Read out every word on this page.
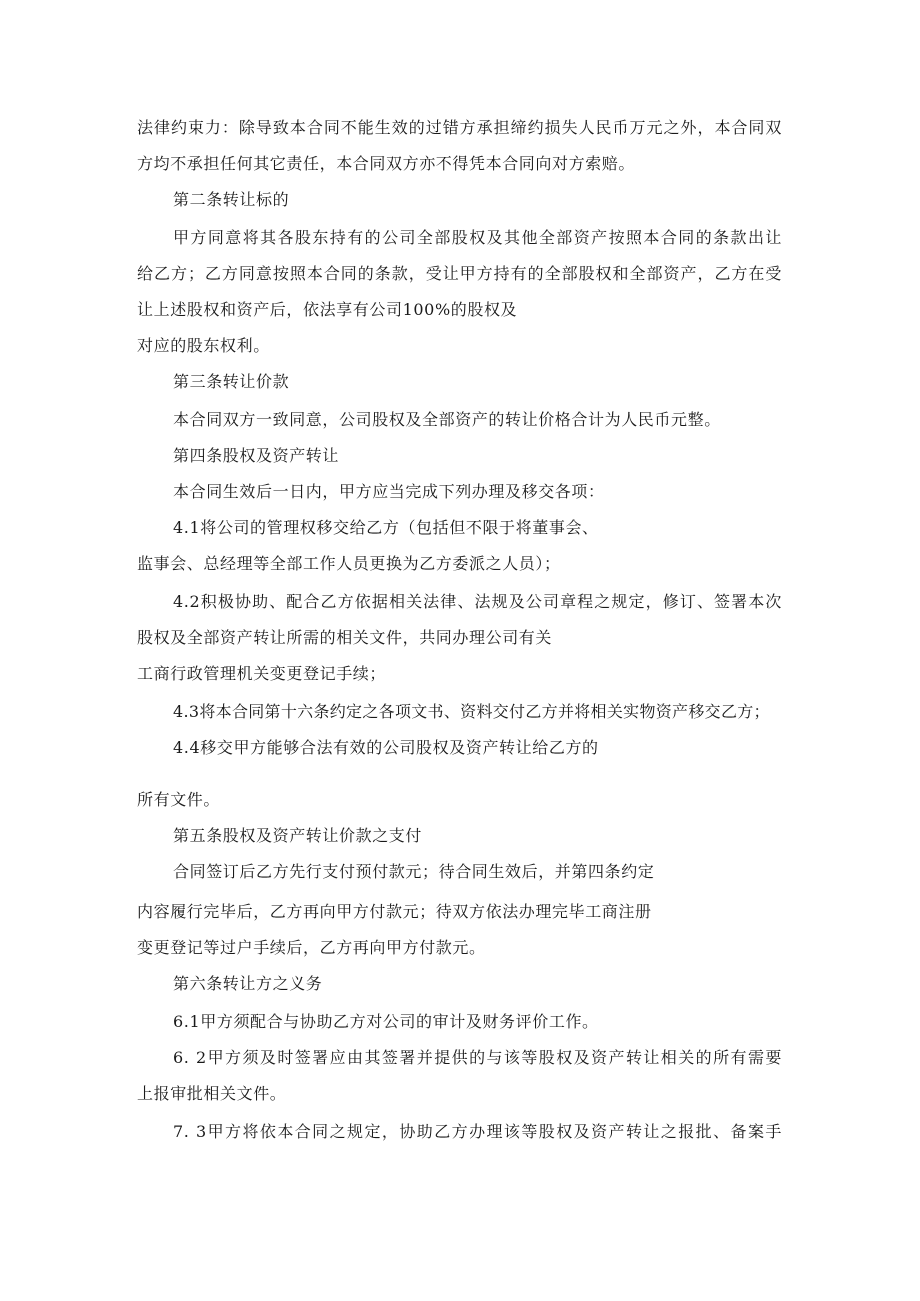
法律约束力：除导致本合同不能生效的过错方承担缔约损失人民币万元之外，本合同双
方均不承担任何其它责任，本合同双方亦不得凭本合同向对方索赔。
第二条转让标的
甲方同意将其各股东持有的公司全部股权及其他全部资产按照本合同的条款出让
给乙方；乙方同意按照本合同的条款，受让甲方持有的全部股权和全部资产，乙方在受
让上述股权和资产后，依法享有公司100%的股权及
对应的股东权利。
第三条转让价款
本合同双方一致同意，公司股权及全部资产的转让价格合计为人民币元整。
第四条股权及资产转让
本合同生效后一日内，甲方应当完成下列办理及移交各项：
4.1将公司的管理权移交给乙方（包括但不限于将董事会、
监事会、总经理等全部工作人员更换为乙方委派之人员）；
4.2积极协助、配合乙方依据相关法律、法规及公司章程之规定，修订、签署本次
股权及全部资产转让所需的相关文件，共同办理公司有关
工商行政管理机关变更登记手续；
4.3将本合同第十六条约定之各项文书、资料交付乙方并将相关实物资产移交乙方；
4.4移交甲方能够合法有效的公司股权及资产转让给乙方的
所有文件。
第五条股权及资产转让价款之支付
合同签订后乙方先行支付预付款元；待合同生效后，并第四条约定
内容履行完毕后，乙方再向甲方付款元；待双方依法办理完毕工商注册
变更登记等过户手续后，乙方再向甲方付款元。
第六条转让方之义务
6.1甲方须配合与协助乙方对公司的审计及财务评价工作。
6. 2甲方须及时签署应由其签署并提供的与该等股权及资产转让相关的所有需要
上报审批相关文件。
7. 3甲方将依本合同之规定，协助乙方办理该等股权及资产转让之报批、备案手
